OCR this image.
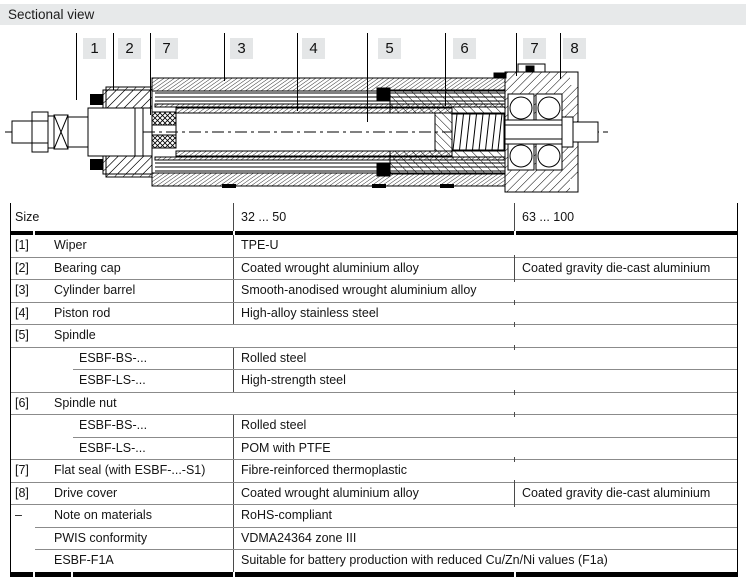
Sectional view
1	2	7	3	4	5	6	7	8
Size	32 ... 50	63 ... 100
[1] Wiper	TPE-U
[2] Bearing cap	Coated wrought aluminium alloy	Coated gravity die-cast aluminium
[3] Cylinder barrel	Smooth-anodised wrought aluminium alloy
[4] Piston rod	High-alloy stainless steel
[5] Spindle
ESBF-BS-...	Rolled steel
ESBF-LS-...	High-strength steel
[6] Spindle nut
ESBF-BS-...	Rolled steel
ESBF-LS-...	POM with PTFE
[7] Flat seal (with ESBF-...-S1)	Fibre-reinforced thermoplastic
[8] Drive cover	Coated wrought aluminium alloy	Coated gravity die-cast aluminium
–	Note on materials	RoHS-compliant
PWIS conformity	VDMA24364 zone III
ESBF-F1A	Suitable for battery production with reduced Cu/Zn/Ni values (F1a)
